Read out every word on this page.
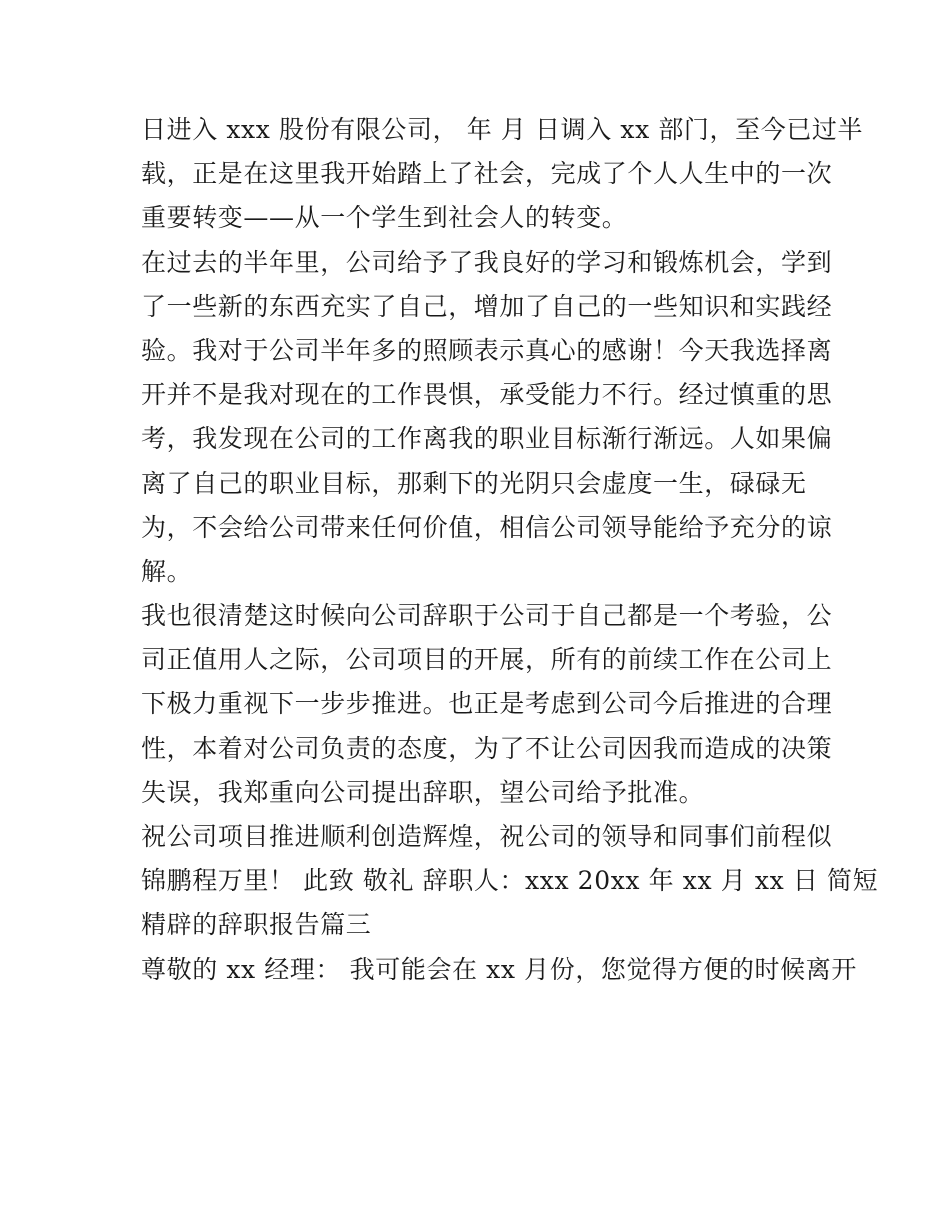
日进入 xxx 股份有限公司， 年 月 日调入 xx 部门，至今已过半
载，正是在这里我开始踏上了社会，完成了个人人生中的一次
重要转变——从一个学生到社会人的转变。
在过去的半年里，公司给予了我良好的学习和锻炼机会，学到
了一些新的东西充实了自己，增加了自己的一些知识和实践经
验。我对于公司半年多的照顾表示真心的感谢！今天我选择离
开并不是我对现在的工作畏惧，承受能力不行。经过慎重的思
考，我发现在公司的工作离我的职业目标渐行渐远。人如果偏
离了自己的职业目标，那剩下的光阴只会虚度一生，碌碌无
为，不会给公司带来任何价值，相信公司领导能给予充分的谅
解。
我也很清楚这时候向公司辞职于公司于自己都是一个考验，公
司正值用人之际，公司项目的开展，所有的前续工作在公司上
下极力重视下一步步推进。也正是考虑到公司今后推进的合理
性，本着对公司负责的态度，为了不让公司因我而造成的决策
失误，我郑重向公司提出辞职，望公司给予批准。
祝公司项目推进顺利创造辉煌，祝公司的领导和同事们前程似
锦鹏程万里！ 此致 敬礼 辞职人：xxx 20xx 年 xx 月 xx 日 简短
精辟的辞职报告篇三
尊敬的 xx 经理： 我可能会在 xx 月份，您觉得方便的时候离开
